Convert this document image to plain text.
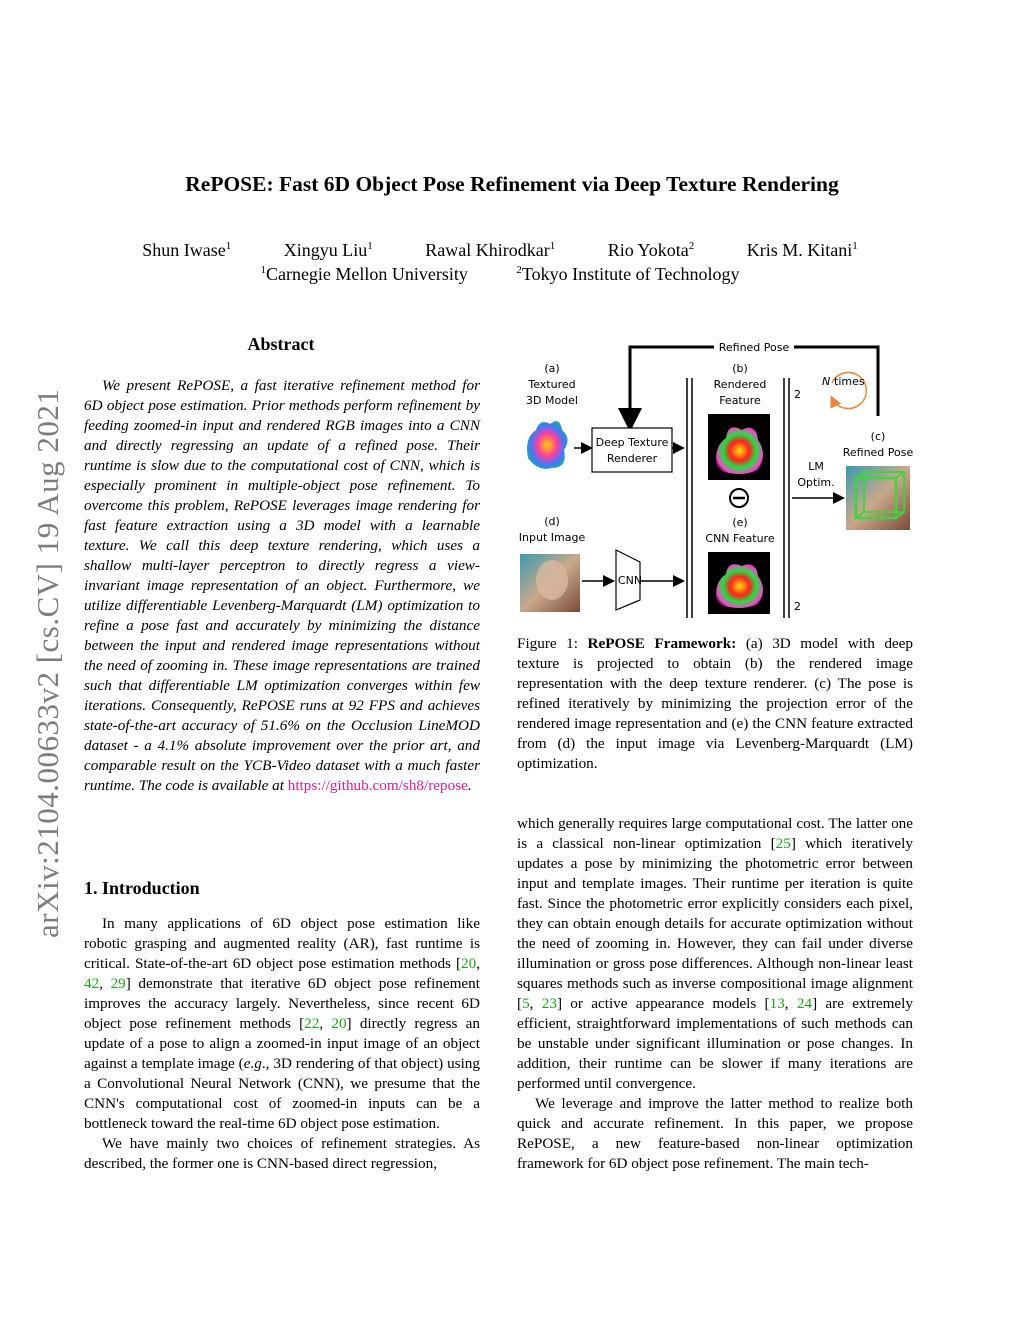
arXiv:2104.00633v2 [cs.CV] 19 Aug 2021
RePOSE: Fast 6D Object Pose Refinement via Deep Texture Rendering
Shun Iwase$^1$	Xingyu Liu$^1$	Rawal Khirodkar$^1$	Rio Yokota$^2$	Kris M. Kitani$^1$
$^1$Carnegie Mellon University	$^2$Tokyo Institute of Technology
Abstract
We present RePOSE, a fast iterative refinement method for 6D object pose estimation. Prior methods perform refinement by feeding zoomed-in input and rendered RGB images into a CNN and directly regressing an update of a refined pose. Their runtime is slow due to the computational cost of CNN, which is especially prominent in multiple-object pose refinement. To overcome this problem, RePOSE leverages image rendering for fast feature extraction using a 3D model with a learnable texture. We call this deep texture rendering, which uses a shallow multi-layer perceptron to directly regress a view-invariant image representation of an object. Furthermore, we utilize differentiable Levenberg-Marquardt (LM) optimization to refine a pose fast and accurately by minimizing the distance between the input and rendered image representations without the need of zooming in. These image representations are trained such that differentiable LM optimization converges within few iterations. Consequently, RePOSE runs at 92 FPS and achieves state-of-the-art accuracy of 51.6% on the Occlusion LineMOD dataset - a 4.1% absolute improvement over the prior art, and comparable result on the YCB-Video dataset with a much faster runtime. The code is available at https://github.com/sh8/repose.
1. Introduction

In many applications of 6D object pose estimation like robotic grasping and augmented reality (AR), fast runtime is critical. State-of-the-art 6D object pose estimation methods [20, 42, 29] demonstrate that iterative 6D object pose refinement improves the accuracy largely. Nevertheless, since recent 6D object pose refinement methods [22, 20] directly regress an update of a pose to align a zoomed-in input image of an object against a template image (e.g., 3D rendering of that object) using a Convolutional Neural Network (CNN), we presume that the CNN's computational cost of zoomed-in inputs can be a bottleneck toward the real-time 6D object pose estimation.

We have mainly two choices of refinement strategies. As described, the former one is CNN-based direct regression,

Refined Pose
N times
(a)
Textured
3D Model
Deep Texture
Renderer
(d)
Input Image
CNN
(b)
Rendered
Feature
(e)
CNN Feature
2
2
LM
Optim.
(c)
Refined Pose
Figure 1: RePOSE Framework: (a) 3D model with deep texture is projected to obtain (b) the rendered image representation with the deep texture renderer. (c) The pose is refined iteratively by minimizing the projection error of the rendered image representation and (e) the CNN feature extracted from (d) the input image via Levenberg-Marquardt (LM) optimization.

which generally requires large computational cost. The latter one is a classical non-linear optimization [25] which iteratively updates a pose by minimizing the photometric error between input and template images. Their runtime per iteration is quite fast. Since the photometric error explicitly considers each pixel, they can obtain enough details for accurate optimization without the need of zooming in. However, they can fail under diverse illumination or gross pose differences. Although non-linear least squares methods such as inverse compositional image alignment [5, 23] or active appearance models [13, 24] are extremely efficient, straightforward implementations of such methods can be unstable under significant illumination or pose changes. In addition, their runtime can be slower if many iterations are performed until convergence.

We leverage and improve the latter method to realize both quick and accurate refinement. In this paper, we propose RePOSE, a new feature-based non-linear optimization framework for 6D object pose refinement. The main tech-
